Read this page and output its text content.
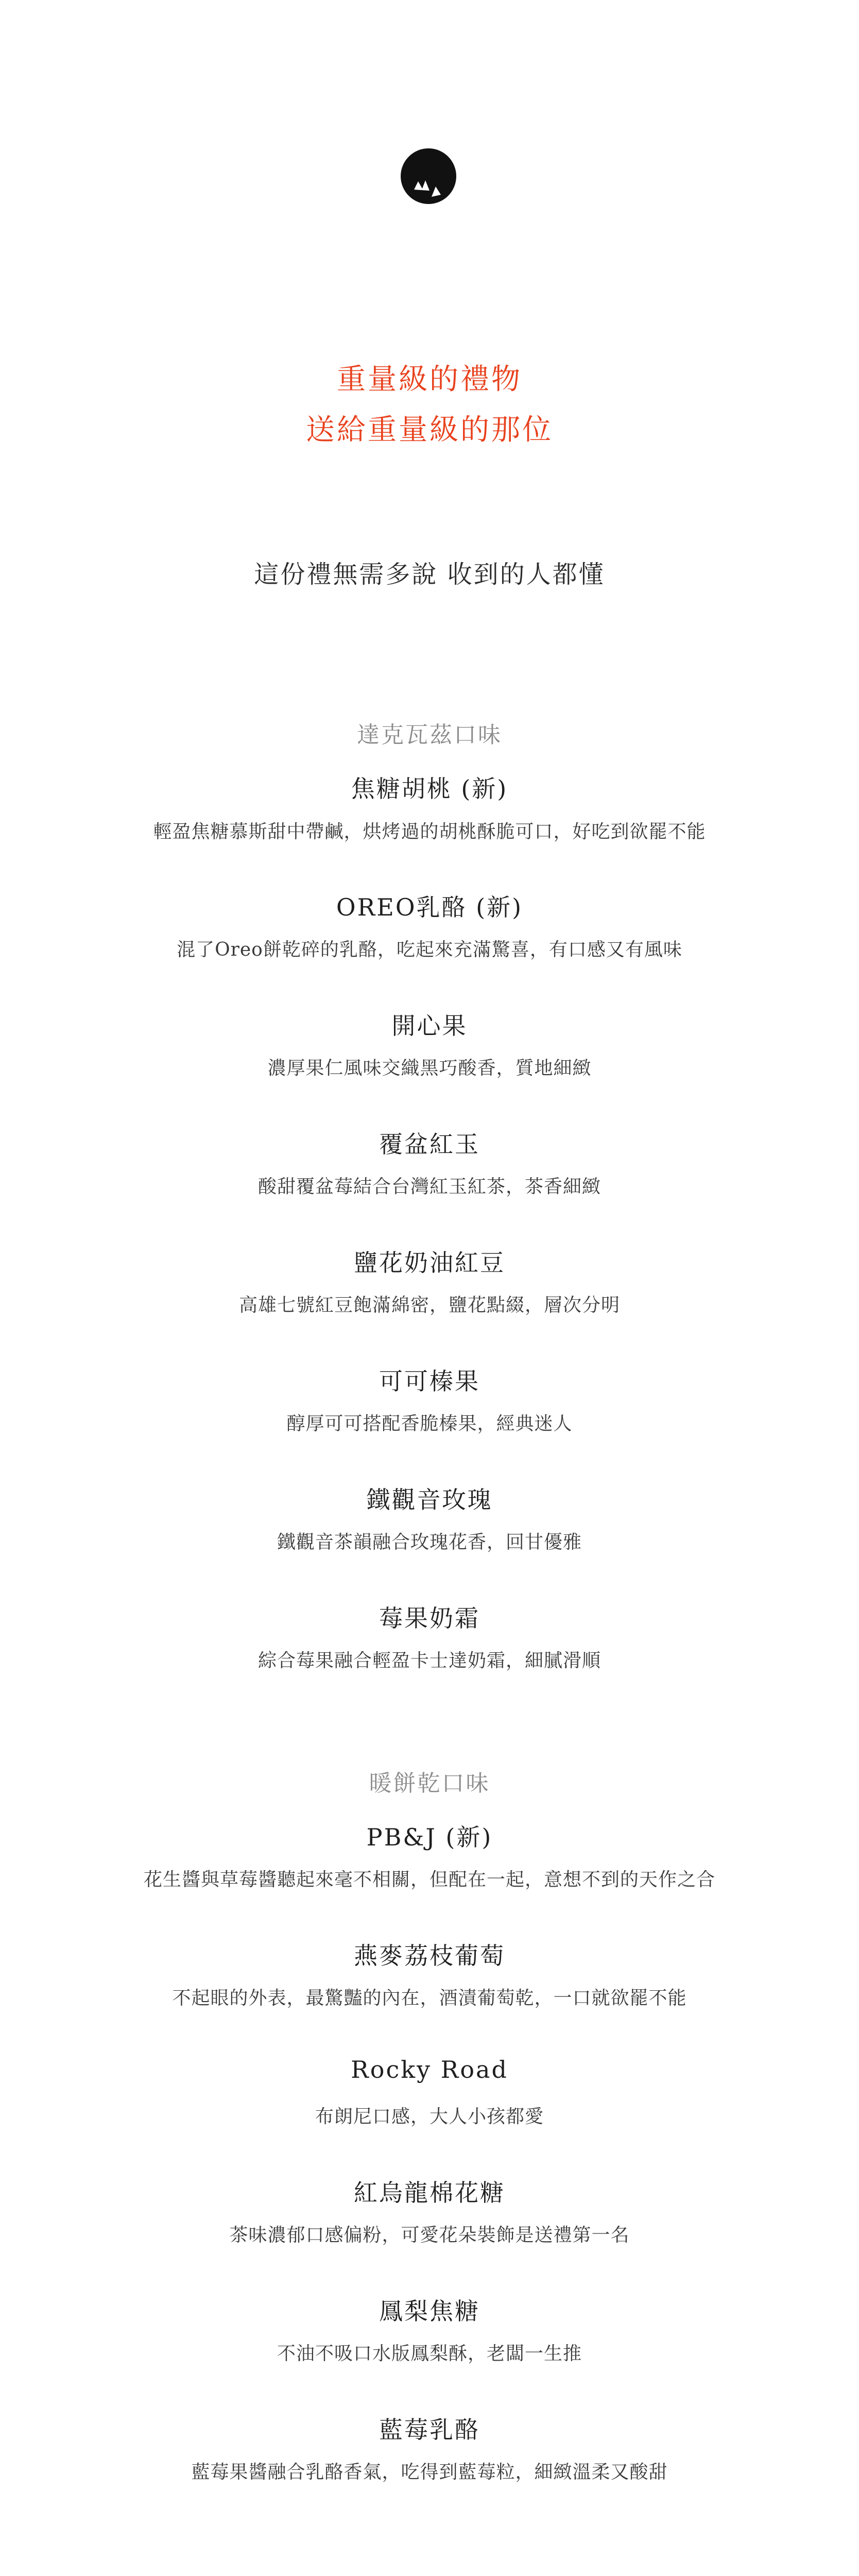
重量級的禮物
送給重量級的那位
這份禮無需多說 收到的人都懂
達克瓦茲口味
焦糖胡桃 (新)
輕盈焦糖慕斯甜中帶鹹，烘烤過的胡桃酥脆可口，好吃到欲罷不能
OREO乳酪 (新)
混了Oreo餅乾碎的乳酪，吃起來充滿驚喜，有口感又有風味
開心果
濃厚果仁風味交織黑巧酸香，質地細緻
覆盆紅玉
酸甜覆盆莓結合台灣紅玉紅茶，茶香細緻
鹽花奶油紅豆
高雄七號紅豆飽滿綿密，鹽花點綴，層次分明
可可榛果
醇厚可可搭配香脆榛果，經典迷人
鐵觀音玫瑰
鐵觀音茶韻融合玫瑰花香，回甘優雅
莓果奶霜
綜合莓果融合輕盈卡士達奶霜，細膩滑順
暖餅乾口味
PB&J (新)
花生醬與草莓醬聽起來毫不相關，但配在一起，意想不到的天作之合
燕麥荔枝葡萄
不起眼的外表，最驚豔的內在，酒漬葡萄乾，一口就欲罷不能
Rocky Road
布朗尼口感，大人小孩都愛
紅烏龍棉花糖
茶味濃郁口感偏粉，可愛花朵裝飾是送禮第一名
鳳梨焦糖
不油不吸口水版鳳梨酥，老闆一生推
藍莓乳酪
藍莓果醬融合乳酪香氣，吃得到藍莓粒，細緻溫柔又酸甜
